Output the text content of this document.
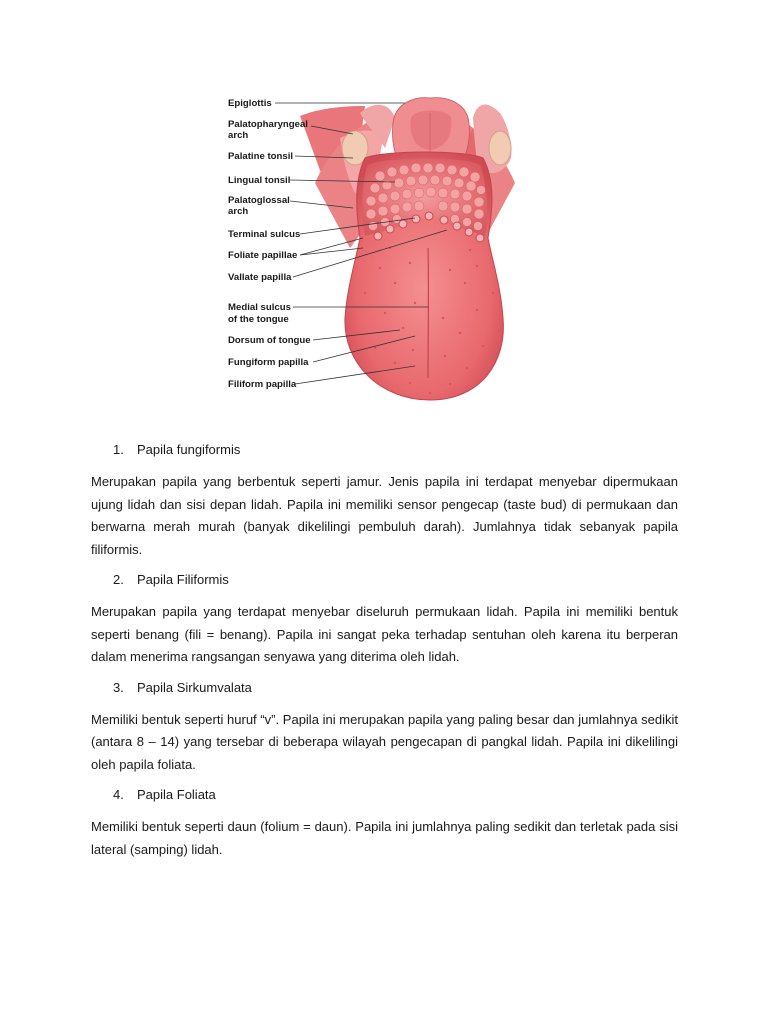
Epiglottis
Palatopharyngeal
arch
Palatine tonsil
Lingual tonsil
Palatoglossal
arch
Terminal sulcus
Foliate papillae
Vallate papilla
Medial sulcus
of the tongue
Dorsum of tongue
Fungiform papilla
Filiform papilla

1. Papila fungiformis

Merupakan papila yang berbentuk seperti jamur. Jenis papila ini terdapat menyebar dipermukaan ujung lidah dan sisi depan lidah. Papila ini memiliki sensor pengecap (taste bud) di permukaan dan berwarna merah murah (banyak dikelilingi pembuluh darah). Jumlahnya tidak sebanyak papila filiformis.

2. Papila Filiformis

Merupakan papila yang terdapat menyebar diseluruh permukaan lidah. Papila ini memiliki bentuk seperti benang (fili = benang). Papila ini sangat peka terhadap sentuhan oleh karena itu berperan dalam menerima rangsangan senyawa yang diterima oleh lidah.

3. Papila Sirkumvalata

Memiliki bentuk seperti huruf “v”. Papila ini merupakan papila yang paling besar dan jumlahnya sedikit (antara 8 – 14) yang tersebar di beberapa wilayah pengecapan di pangkal lidah. Papila ini dikelilingi oleh papila foliata.

4. Papila Foliata

Memiliki bentuk seperti daun (folium = daun). Papila ini jumlahnya paling sedikit dan terletak pada sisi lateral (samping) lidah.
